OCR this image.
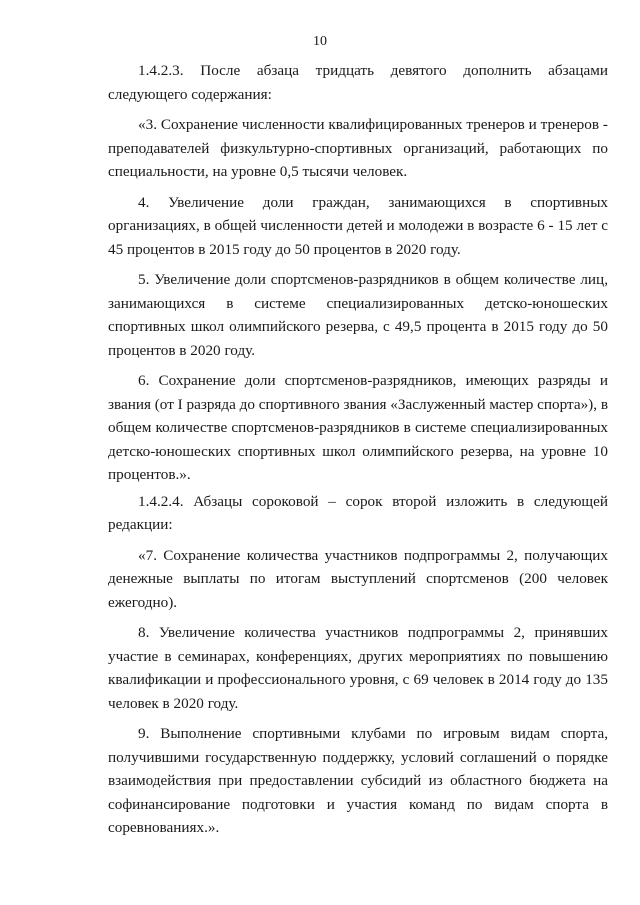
10

1.4.2.3. После абзаца тридцать девятого дополнить абзацами следующего содержания:

«3. Сохранение численности квалифицированных тренеров и тренеров - преподавателей физкультурно-спортивных организаций, работающих по специальности, на уровне 0,5 тысячи человек.

4. Увеличение доли граждан, занимающихся в спортивных организациях, в общей численности детей и молодежи в возрасте 6 - 15 лет с 45 процентов в 2015 году до 50 процентов в 2020 году.

5. Увеличение доли спортсменов-разрядников в общем количестве лиц, занимающихся в системе специализированных детско-юношеских спортивных школ олимпийского резерва, с 49,5 процента в 2015 году до 50 процентов в 2020 году.

6. Сохранение доли спортсменов-разрядников, имеющих разряды и звания (от I разряда до спортивного звания «Заслуженный мастер спорта»), в общем количестве спортсменов-разрядников в системе специализированных детско-юношеских спортивных школ олимпийского резерва, на уровне 10 процентов.».

1.4.2.4. Абзацы сороковой – сорок второй изложить в следующей редакции:

«7. Сохранение количества участников подпрограммы 2, получающих денежные выплаты по итогам выступлений спортсменов (200 человек ежегодно).

8. Увеличение количества участников подпрограммы 2, принявших участие в семинарах, конференциях, других мероприятиях по повышению квалификации и профессионального уровня, с 69 человек в 2014 году до 135 человек в 2020 году.

9. Выполнение спортивными клубами по игровым видам спорта, получившими государственную поддержку, условий соглашений о порядке взаимодействия при предоставлении субсидий из областного бюджета на софинансирование подготовки и участия команд по видам спорта в соревнованиях.».
